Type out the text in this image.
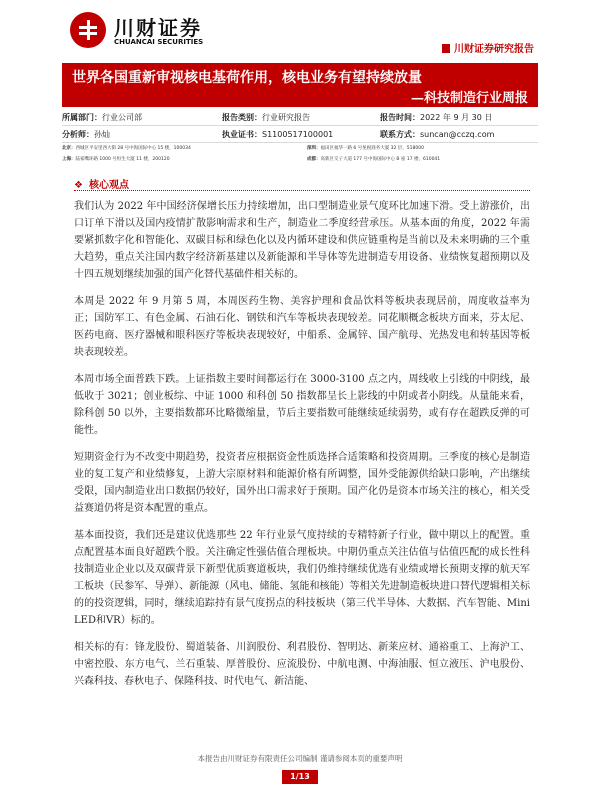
川财证券
CHUANCAI SECURITIES
川财证券研究报告
世界各国重新审视核电基荷作用，核电业务有望持续放量
—科技制造行业周报
所属部门：行业公司部	报告类别：行业研究报告	报告时间：2022 年 9 月 30 日
分析师：孙灿	执业证书：S1100517100001	联系方式：suncan@cczq.com
北京：西城区平安里西大街 28 号中海国际中心 15 楼，100034	深圳：福田区福华一路 6 号免税商务大厦 32 层，518000
上海：陆家嘴环路 1000 号恒生大厦 11 楼，200120	成都：高新区交子大道 177 号中海国际中心 B 座 17 楼，610041
❖ 核心观点

我们认为 2022 年中国经济保增长压力持续增加，出口型制造业景气度环比加速下滑。受上游涨价，出口订单下滑以及国内疫情扩散影响需求和生产，制造业二季度经营承压。从基本面的角度，2022 年需要紧抓数字化和智能化、双碳目标和绿色化以及内循环建设和供应链重构是当前以及未来明确的三个重大趋势，重点关注国内数字经济新基建以及新能源和半导体等先进制造专用设备、业绩恢复超预期以及十四五规划继续加强的国产化替代基础件相关标的。

本周是 2022 年 9 月第 5 周，本周医药生物、美容护理和食品饮料等板块表现居前，周度收益率为正；国防军工、有色金属、石油石化、钢铁和汽车等板块表现较差。同花顺概念板块方面来，芬太尼、医药电商、医疗器械和眼科医疗等板块表现较好，中船系、金属锌、国产航母、光热发电和转基因等板块表现较差。

本周市场全面普跌下跌。上证指数主要时间都运行在 3000-3100 点之内，周线收上引线的中阴线，最低收于 3021；创业板综、中证 1000 和科创 50 指数都呈长上影线的中阴或者小阴线。从量能来看，除科创 50 以外，主要指数都环比略微缩量，节后主要指数可能继续延续弱势，或有存在超跌反弹的可能性。

短期资金行为不改变中期趋势，投资者应根据资金性质选择合适策略和投资周期。三季度的核心是制造业的复工复产和业绩修复，上游大宗原材料和能源价格有所调整，国外受能源供给缺口影响，产出继续受限，国内制造业出口数据仍较好，国外出口需求好于预期。国产化仍是资本市场关注的核心，相关受益赛道仍将是资本配置的重点。

基本面投资，我们还是建议优选那些 22 年行业景气度持续的专精特新子行业，做中期以上的配置。重点配置基本面良好超跌个股。关注确定性强估值合理板块。中期仍重点关注估值与估值匹配的成长性科技制造业企业以及双碳背景下新型优质赛道板块，我们仍维持继续优选有业绩或增长预期支撑的航天军工板块（民参军、导弹）、新能源（风电、储能、氢能和核能）等相关先进制造板块进口替代逻辑相关标的的投资逻辑，同时，继续追踪持有景气度拐点的科技板块（第三代半导体、大数据、汽车智能、Mini LED和VR）标的。

相关标的有：锋龙股份、蜀道装备、川润股份、利君股份、智明达、新莱应材、通裕重工、上海沪工、中密控股、东方电气、兰石重装、厚普股份、应流股份、中航电测、中海油服、恒立液压、沪电股份、兴森科技、春秋电子、保隆科技、时代电气、新洁能、

本报告由川财证券有限责任公司编制 谨请参阅本页的重要声明
1/13
